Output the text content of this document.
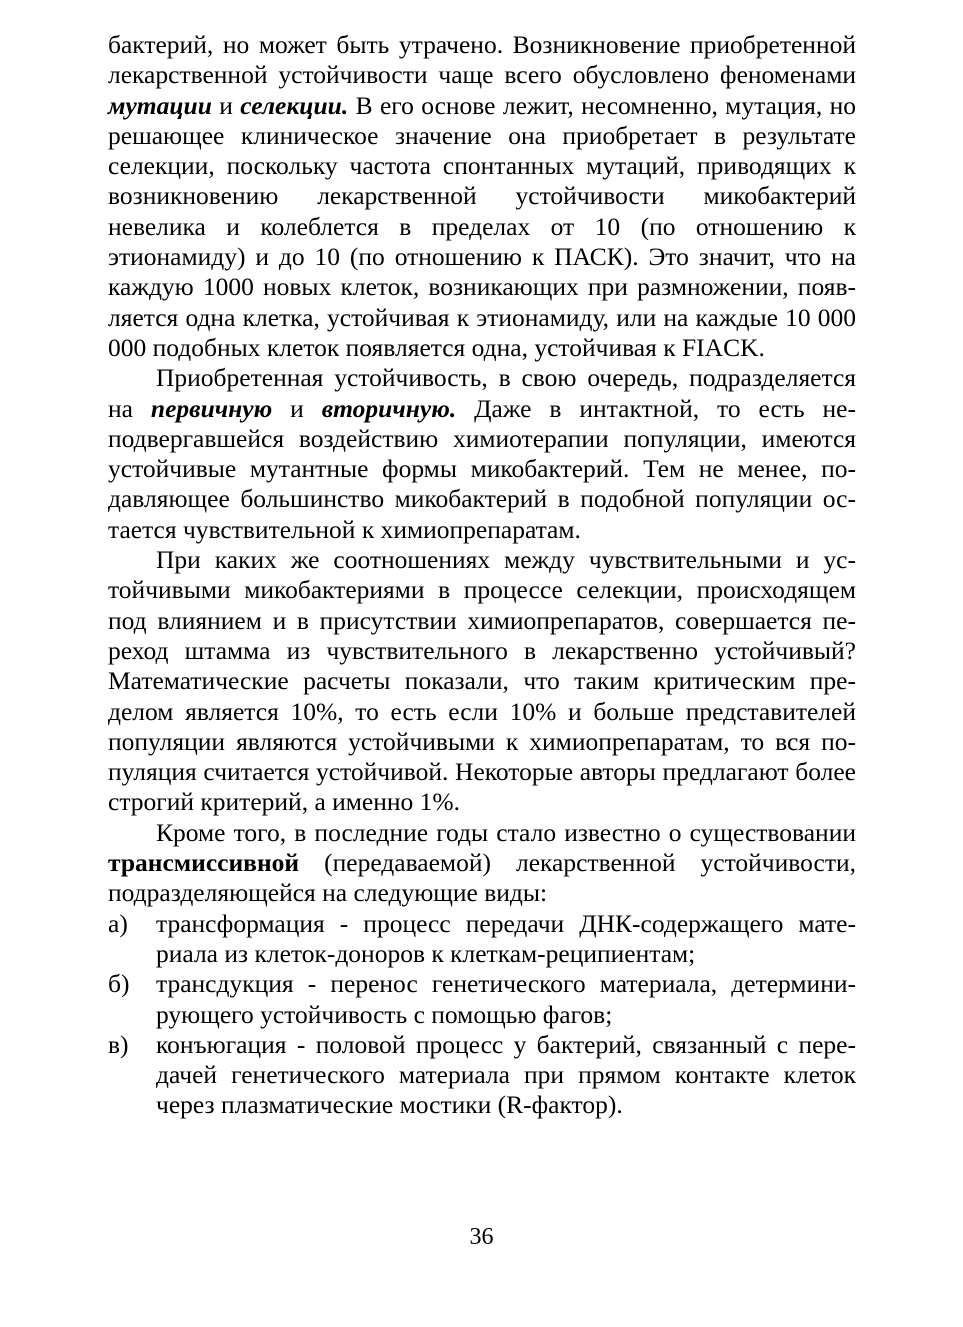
бактерий, но может быть утрачено. Возникновение приобретенной лекарственной устойчивости чаще всего обусловлено феноменами мутации и селекции. В его основе лежит, несомненно, мутация, но решающее клиническое значение она приобретает в результате селекции, поскольку частота спонтанных мутаций, приводящих к возникновению лекарственной устойчивости микобактерий невелика и колеблется в пределах от 10 (по отношению к этионамиду) и до 10 (по отношению к ПАСК). Это значит, что на каждую 1000 новых клеток, возникающих при размножении, появляется одна клетка, устойчивая к этионамиду, или на каждые 10 000 000 подобных клеток появляется одна, устойчивая к FIACK.

Приобретенная устойчивость, в свою очередь, подразделяется на первичную и вторичную. Даже в интактной, то есть неподвергавшейся воздействию химиотерапии популяции, имеются устойчивые мутантные формы микобактерий. Тем не менее, подавляющее большинство микобактерий в подобной популяции остается чувствительной к химиопрепаратам.

При каких же соотношениях между чувствительными и устойчивыми микобактериями в процессе селекции, происходящем под влиянием и в присутствии химиопрепаратов, совершается переход штамма из чувствительного в лекарственно устойчивый? Математические расчеты показали, что таким критическим пределом является 10%, то есть если 10% и больше представителей популяции являются устойчивыми к химиопрепаратам, то вся популяция считается устойчивой. Некоторые авторы предлагают более строгий критерий, а именно 1%.

Кроме того, в последние годы стало известно о существовании трансмиссивной (передаваемой) лекарственной устойчивости, подразделяющейся на следующие виды:

а)	трансформация - процесс передачи ДНК-содержащего материала из клеток-доноров к клеткам-реципиентам;
б)	трансдукция - перенос генетического материала, детерминирующего устойчивость с помощью фагов;
в)	конъюгация - половой процесс у бактерий, связанный с передачей генетического материала при прямом контакте клеток через плазматические мостики (R-фактор).
36
